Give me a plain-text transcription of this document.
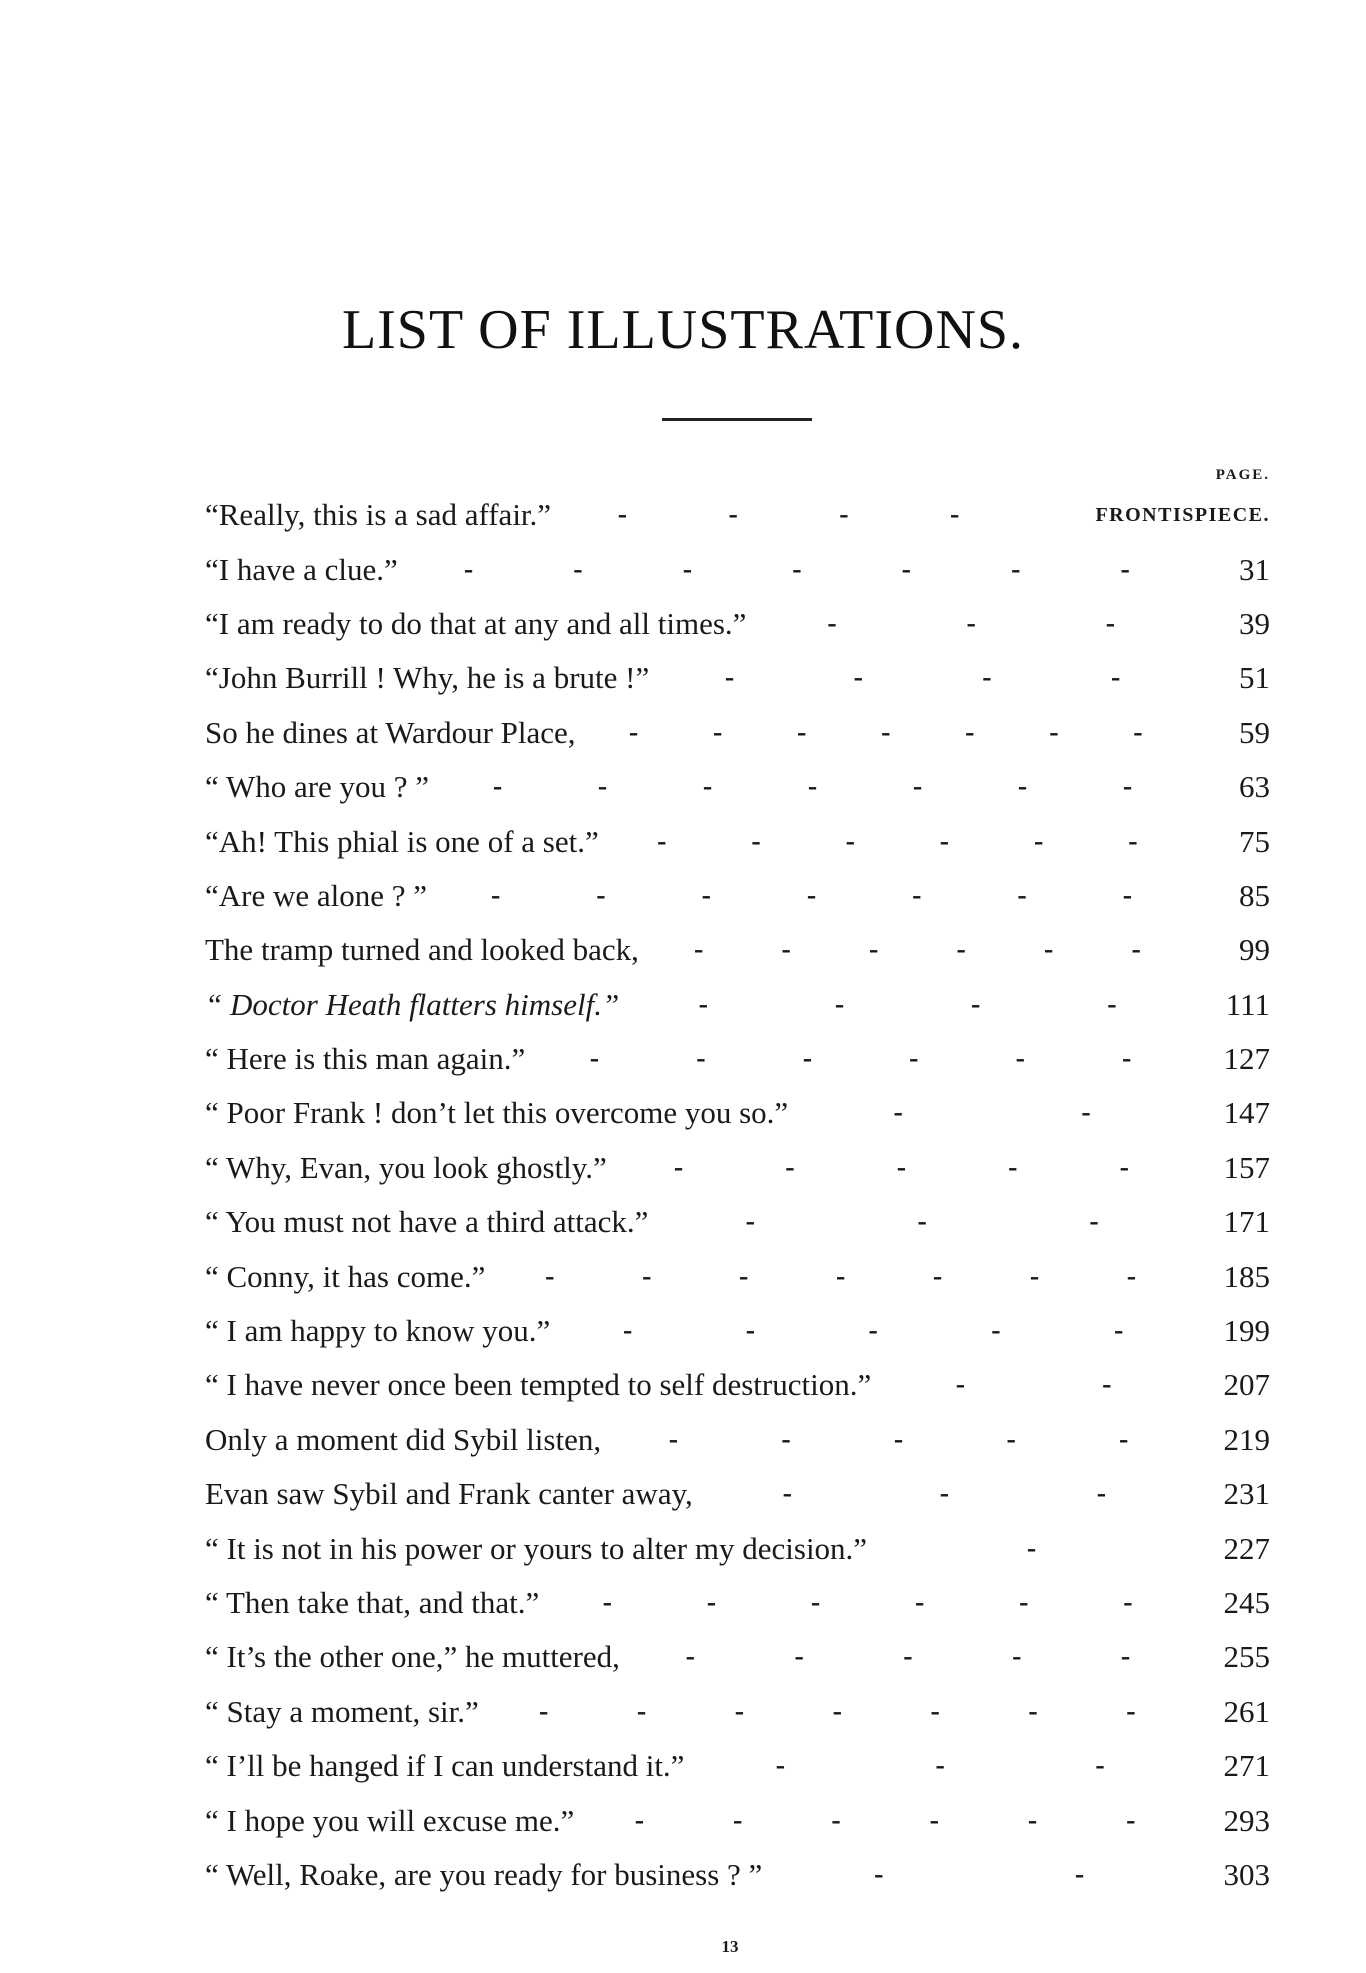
LIST OF ILLUSTRATIONS.
PAGE.
“Really, this is a sad affair.”	-	-	-	-	FRONTISPIECE.
“I have a clue.”	-	-	-	-	-	-	-	31
“I am ready to do that at any and all times.”	-	-	-	39
“John Burrill ! Why, he is a brute !”	-	-	-	-	51
So he dines at Wardour Place,	-	-	-	-	-	-	-	59
“ Who are you ? ”	-	-	-	-	-	-	-	63
“Ah! This phial is one of a set.”	-	-	-	-	-	-	75
“Are we alone ? ”	-	-	-	-	-	-	-	85
The tramp turned and looked back,	-	-	-	-	-	-	99
“ Doctor Heath flatters himself.”	-	-	-	-	111
“ Here is this man again.”	-	-	-	-	-	-	127
“ Poor Frank ! don’t let this overcome you so.”	-	-	147
“ Why, Evan, you look ghostly.”	-	-	-	-	-	157
“ You must not have a third attack.”	-	-	-	171
“ Conny, it has come.”	-	-	-	-	-	-	-	185
“ I am happy to know you.”	-	-	-	-	-	199
“ I have never once been tempted to self destruction.”	-	-	207
Only a moment did Sybil listen,	-	-	-	-	-	219
Evan saw Sybil and Frank canter away,	-	-	-	231
“ It is not in his power or yours to alter my decision.”	-	227
“ Then take that, and that.”	-	-	-	-	-	-	245
“ It’s the other one,” he muttered,	-	-	-	-	-	255
“ Stay a moment, sir.”	-	-	-	-	-	-	-	261
“ I’ll be hanged if I can understand it.”	-	-	-	271
“ I hope you will excuse me.”	-	-	-	-	-	-	293
“ Well, Roake, are you ready for business ? ”	-	-	303
13
